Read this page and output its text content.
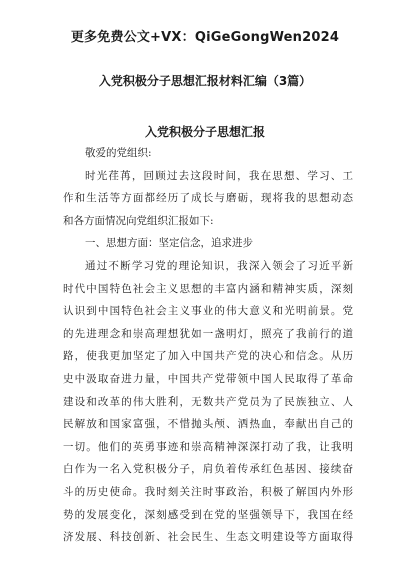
更多免费公文+VX：QiGeGongWen2024
入党积极分子思想汇报材料汇编（3篇）
入党积极分子思想汇报
敬爱的党组织:
时光荏苒，回顾过去这段时间，我在思想、学习、工
作和生活等方面都经历了成长与磨砺，现将我的思想动态
和各方面情况向党组织汇报如下:
一、思想方面：坚定信念，追求进步
通过不断学习党的理论知识，我深入领会了习近平新
时代中国特色社会主义思想的丰富内涵和精神实质，深刻
认识到中国特色社会主义事业的伟大意义和光明前景。党
的先进理念和崇高理想犹如一盏明灯，照亮了我前行的道
路，使我更加坚定了加入中国共产党的决心和信念。从历
史中汲取奋进力量，中国共产党带领中国人民取得了革命
建设和改革的伟大胜利，无数共产党员为了民族独立、人
民解放和国家富强，不惜抛头颅、洒热血，奉献出自己的
一切。他们的英勇事迹和崇高精神深深打动了我，让我明
白作为一名入党积极分子，肩负着传承红色基因、接续奋
斗的历史使命。我时刻关注时事政治，积极了解国内外形
势的发展变化，深刻感受到在党的坚强领导下，我国在经
济发展、科技创新、社会民生、生态文明建设等方面取得
